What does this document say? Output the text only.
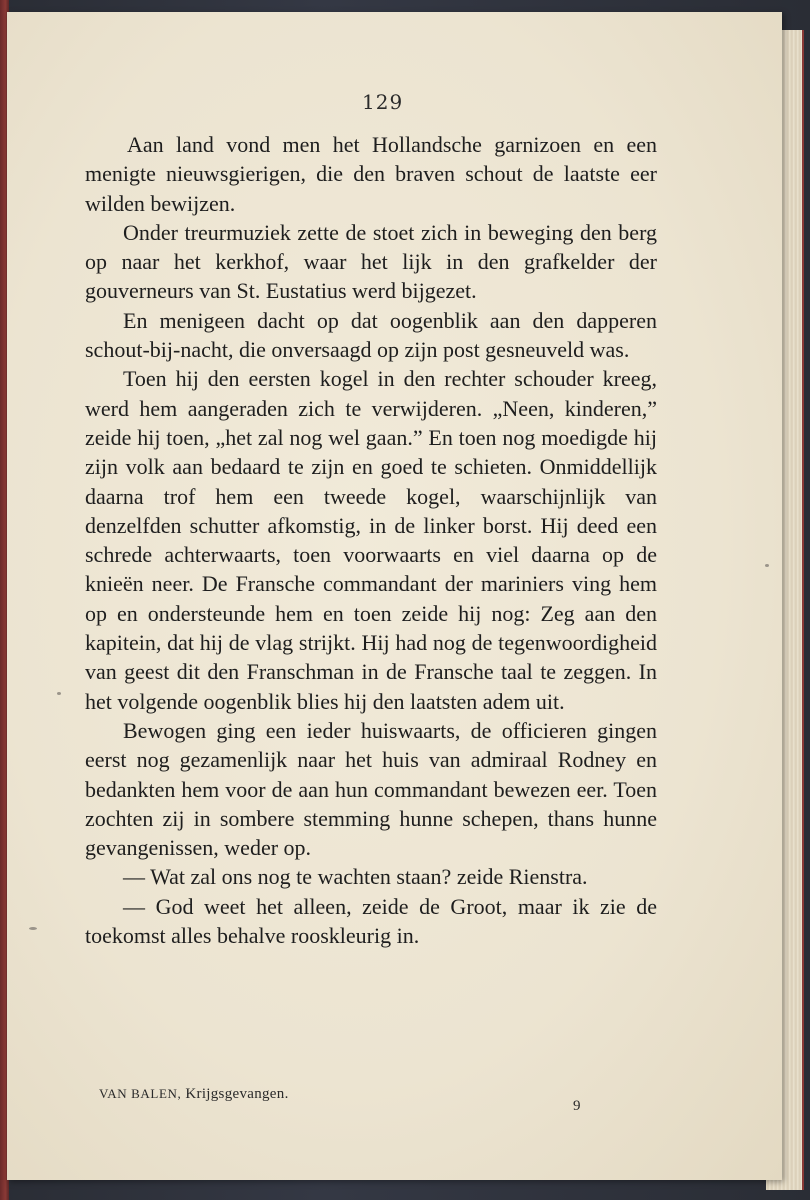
129

Aan land vond men het Hollandsche garnizoen en een menigte nieuwsgierigen, die den braven schout de laatste eer wilden bewijzen.

Onder treurmuziek zette de stoet zich in beweging den berg op naar het kerkhof, waar het lijk in den grafkelder der gouverneurs van St. Eustatius werd bijgezet.

En menigeen dacht op dat oogenblik aan den dapperen schout-bij-nacht, die onversaagd op zijn post gesneuveld was.

Toen hij den eersten kogel in den rechter schouder kreeg, werd hem aangeraden zich te verwijderen. „Neen, kinderen,” zeide hij toen, „het zal nog wel gaan.” En toen nog moedigde hij zijn volk aan bedaard te zijn en goed te schieten. Onmiddellijk daarna trof hem een tweede kogel, waarschijnlijk van denzelfden schutter afkomstig, in de linker borst. Hij deed een schrede achterwaarts, toen voorwaarts en viel daarna op de knieën neer. De Fransche commandant der mariniers ving hem op en ondersteunde hem en toen zeide hij nog: Zeg aan den kapitein, dat hij de vlag strijkt. Hij had nog de tegenwoordigheid van geest dit den Franschman in de Fransche taal te zeggen. In het volgende oogenblik blies hij den laatsten adem uit.

Bewogen ging een ieder huiswaarts, de officieren gingen eerst nog gezamenlijk naar het huis van admiraal Rodney en bedankten hem voor de aan hun commandant bewezen eer. Toen zochten zij in sombere stemming hunne schepen, thans hunne gevangenissen, weder op.

— Wat zal ons nog te wachten staan? zeide Rienstra.

— God weet het alleen, zeide de Groot, maar ik zie de toekomst alles behalve rooskleurig in.

VAN BALEN, Krijgsgevangen.
9
